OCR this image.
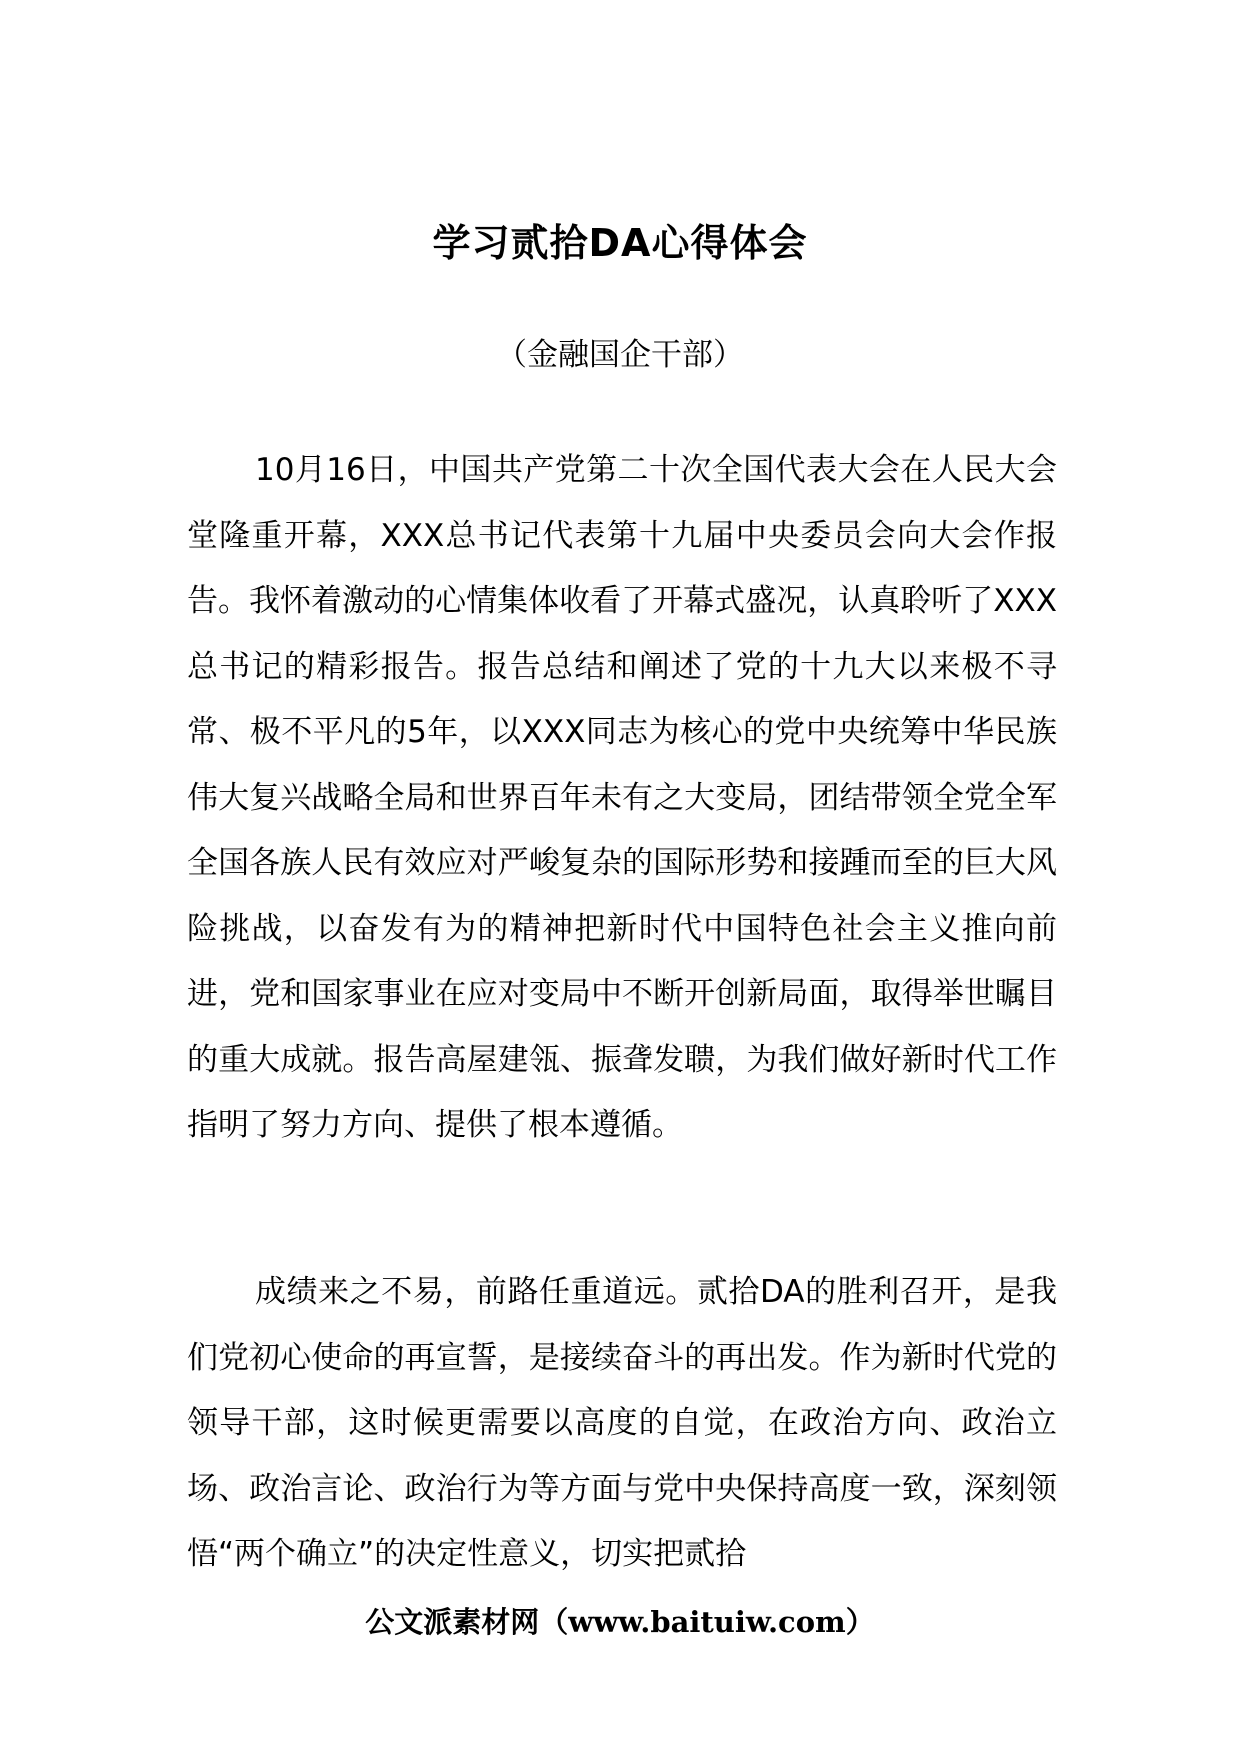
学习贰拾DA心得体会
（金融国企干部）

10月16日，中国共产党第二十次全国代表大会在人民大会堂隆重开幕，XXX总书记代表第十九届中央委员会向大会作报告。我怀着激动的心情集体收看了开幕式盛况，认真聆听了XXX总书记的精彩报告。报告总结和阐述了党的十九大以来极不寻常、极不平凡的5年，以XXX同志为核心的党中央统筹中华民族伟大复兴战略全局和世界百年未有之大变局，团结带领全党全军全国各族人民有效应对严峻复杂的国际形势和接踵而至的巨大风险挑战，以奋发有为的精神把新时代中国特色社会主义推向前进，党和国家事业在应对变局中不断开创新局面，取得举世瞩目的重大成就。报告高屋建瓴、振聋发聩，为我们做好新时代工作指明了努力方向、提供了根本遵循。

成绩来之不易，前路任重道远。贰拾DA的胜利召开，是我们党初心使命的再宣誓，是接续奋斗的再出发。作为新时代党的领导干部，这时候更需要以高度的自觉，在政治方向、政治立场、政治言论、政治行为等方面与党中央保持高度一致，深刻领悟“两个确立”的决定性意义，切实把贰拾

公文派素材网（www.baituiw.com）
